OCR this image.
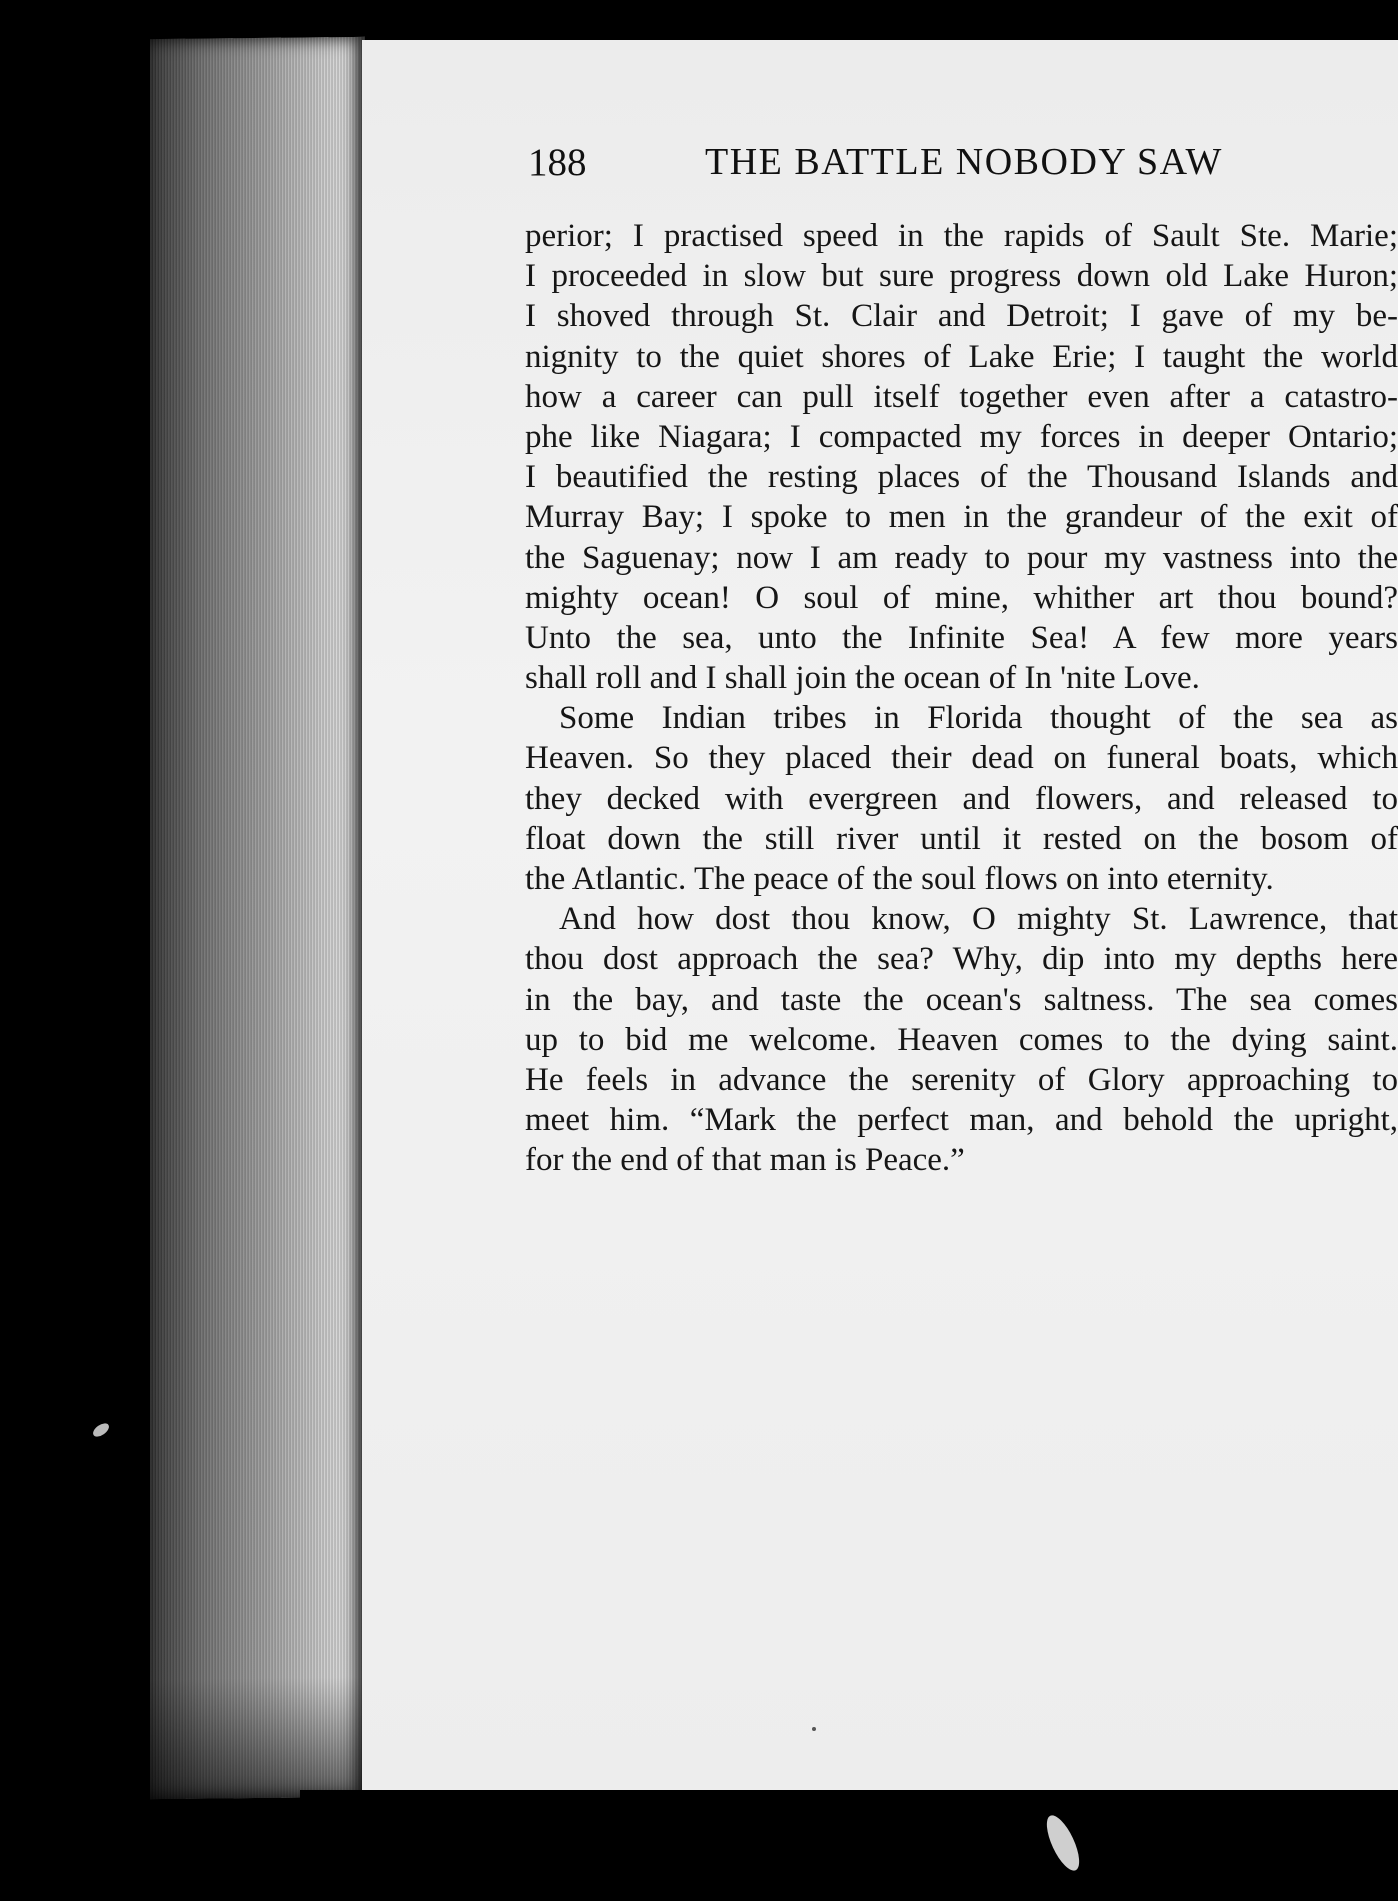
188	THE BATTLE NOBODY SAW
perior; I practised speed in the rapids of Sault Ste. Marie;
I proceeded in slow but sure progress down old Lake Huron;
I shoved through St. Clair and Detroit; I gave of my be-
nignity to the quiet shores of Lake Erie; I taught the world
how a career can pull itself together even after a catastro-
phe like Niagara; I compacted my forces in deeper Ontario;
I beautified the resting places of the Thousand Islands and
Murray Bay; I spoke to men in the grandeur of the exit of
the Saguenay; now I am ready to pour my vastness into the
mighty ocean! O soul of mine, whither art thou bound?
Unto the sea, unto the Infinite Sea! A few more years
shall roll and I shall join the ocean of In 'nite Love.
Some Indian tribes in Florida thought of the sea as
Heaven. So they placed their dead on funeral boats, which
they decked with evergreen and flowers, and released to
float down the still river until it rested on the bosom of
the Atlantic. The peace of the soul flows on into eternity.
And how dost thou know, O mighty St. Lawrence, that
thou dost approach the sea? Why, dip into my depths here
in the bay, and taste the ocean's saltness. The sea comes
up to bid me welcome. Heaven comes to the dying saint.
He feels in advance the serenity of Glory approaching to
meet him. “Mark the perfect man, and behold the upright,
for the end of that man is Peace.”
